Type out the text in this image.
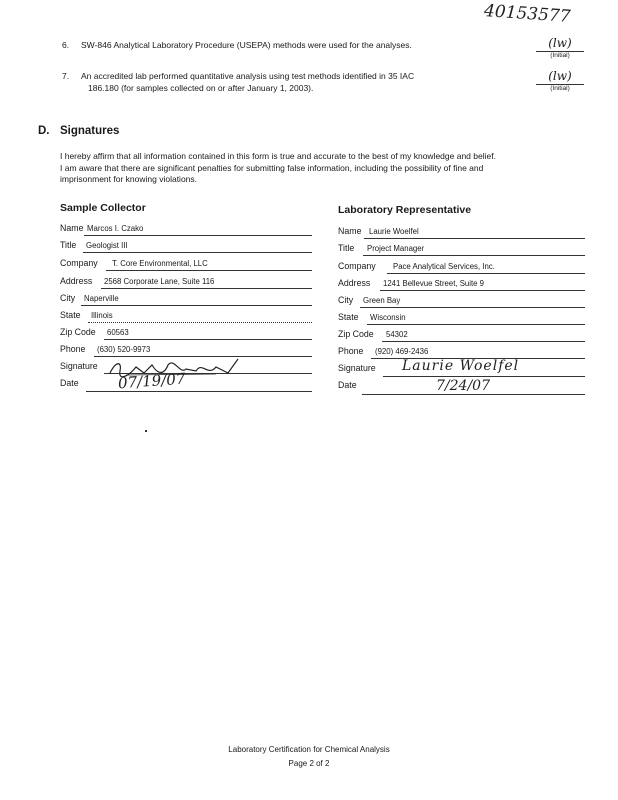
40153577
6. SW-846 Analytical Laboratory Procedure (USEPA) methods were used for the analyses.	(lw)
(Initial)
7. An accredited lab performed quantitative analysis using test methods identified in 35 IAC
186.180 (for samples collected on or after January 1, 2003).
(lw)
(Initial)
D. Signatures
I hereby affirm that all information contained in this form is true and accurate to the best of my knowledge and belief.
I am aware that there are significant penalties for submitting false information, including the possibility of fine and
imprisonment for knowing violations.
Sample Collector
Name Marcos I. Czako
Title Geologist III
Company T. Core Environmental, LLC
Address 2568 Corporate Lane, Suite 116
City Naperville
State Illinois
Zip Code 60563
Phone (630) 520-9973
Signature
Date	07/19/07
Laboratory Representative
Name Laurie Woelfel
Title Project Manager
Company Pace Analytical Services, Inc.
Address 1241 Bellevue Street, Suite 9
City Green Bay
State Wisconsin
Zip Code 54302
Phone (920) 469-2436
Signature Laurie Woelfel
Date	7/24/07
Laboratory Certification for Chemical Analysis
Page 2 of 2
